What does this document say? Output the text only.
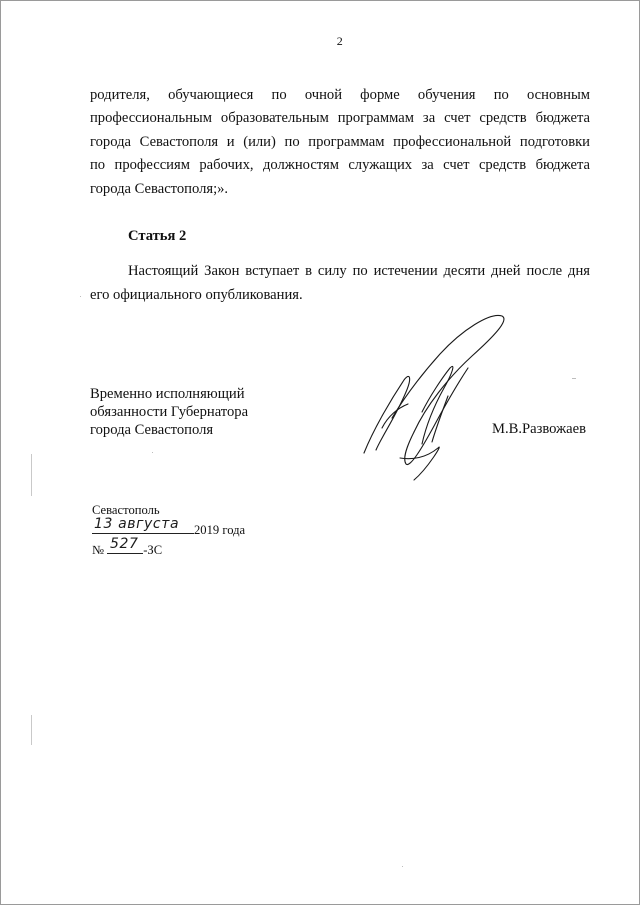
2
родителя, обучающиеся по очной форме обучения по основным
профессиональным образовательным программам за счет средств бюджета
города Севастополя и (или) по программам профессиональной подготовки
по профессиям рабочих, должностям служащих за счет средств бюджета
города Севастополя;».
Статья 2
Настоящий Закон вступает в силу по истечении десяти дней после дня
его официального опубликования.
Временно исполняющий
обязанности Губернатора
города Севастополя	М.В.Развожаев
Севастополь
2019 года
13 августа
№	-ЗС
527
